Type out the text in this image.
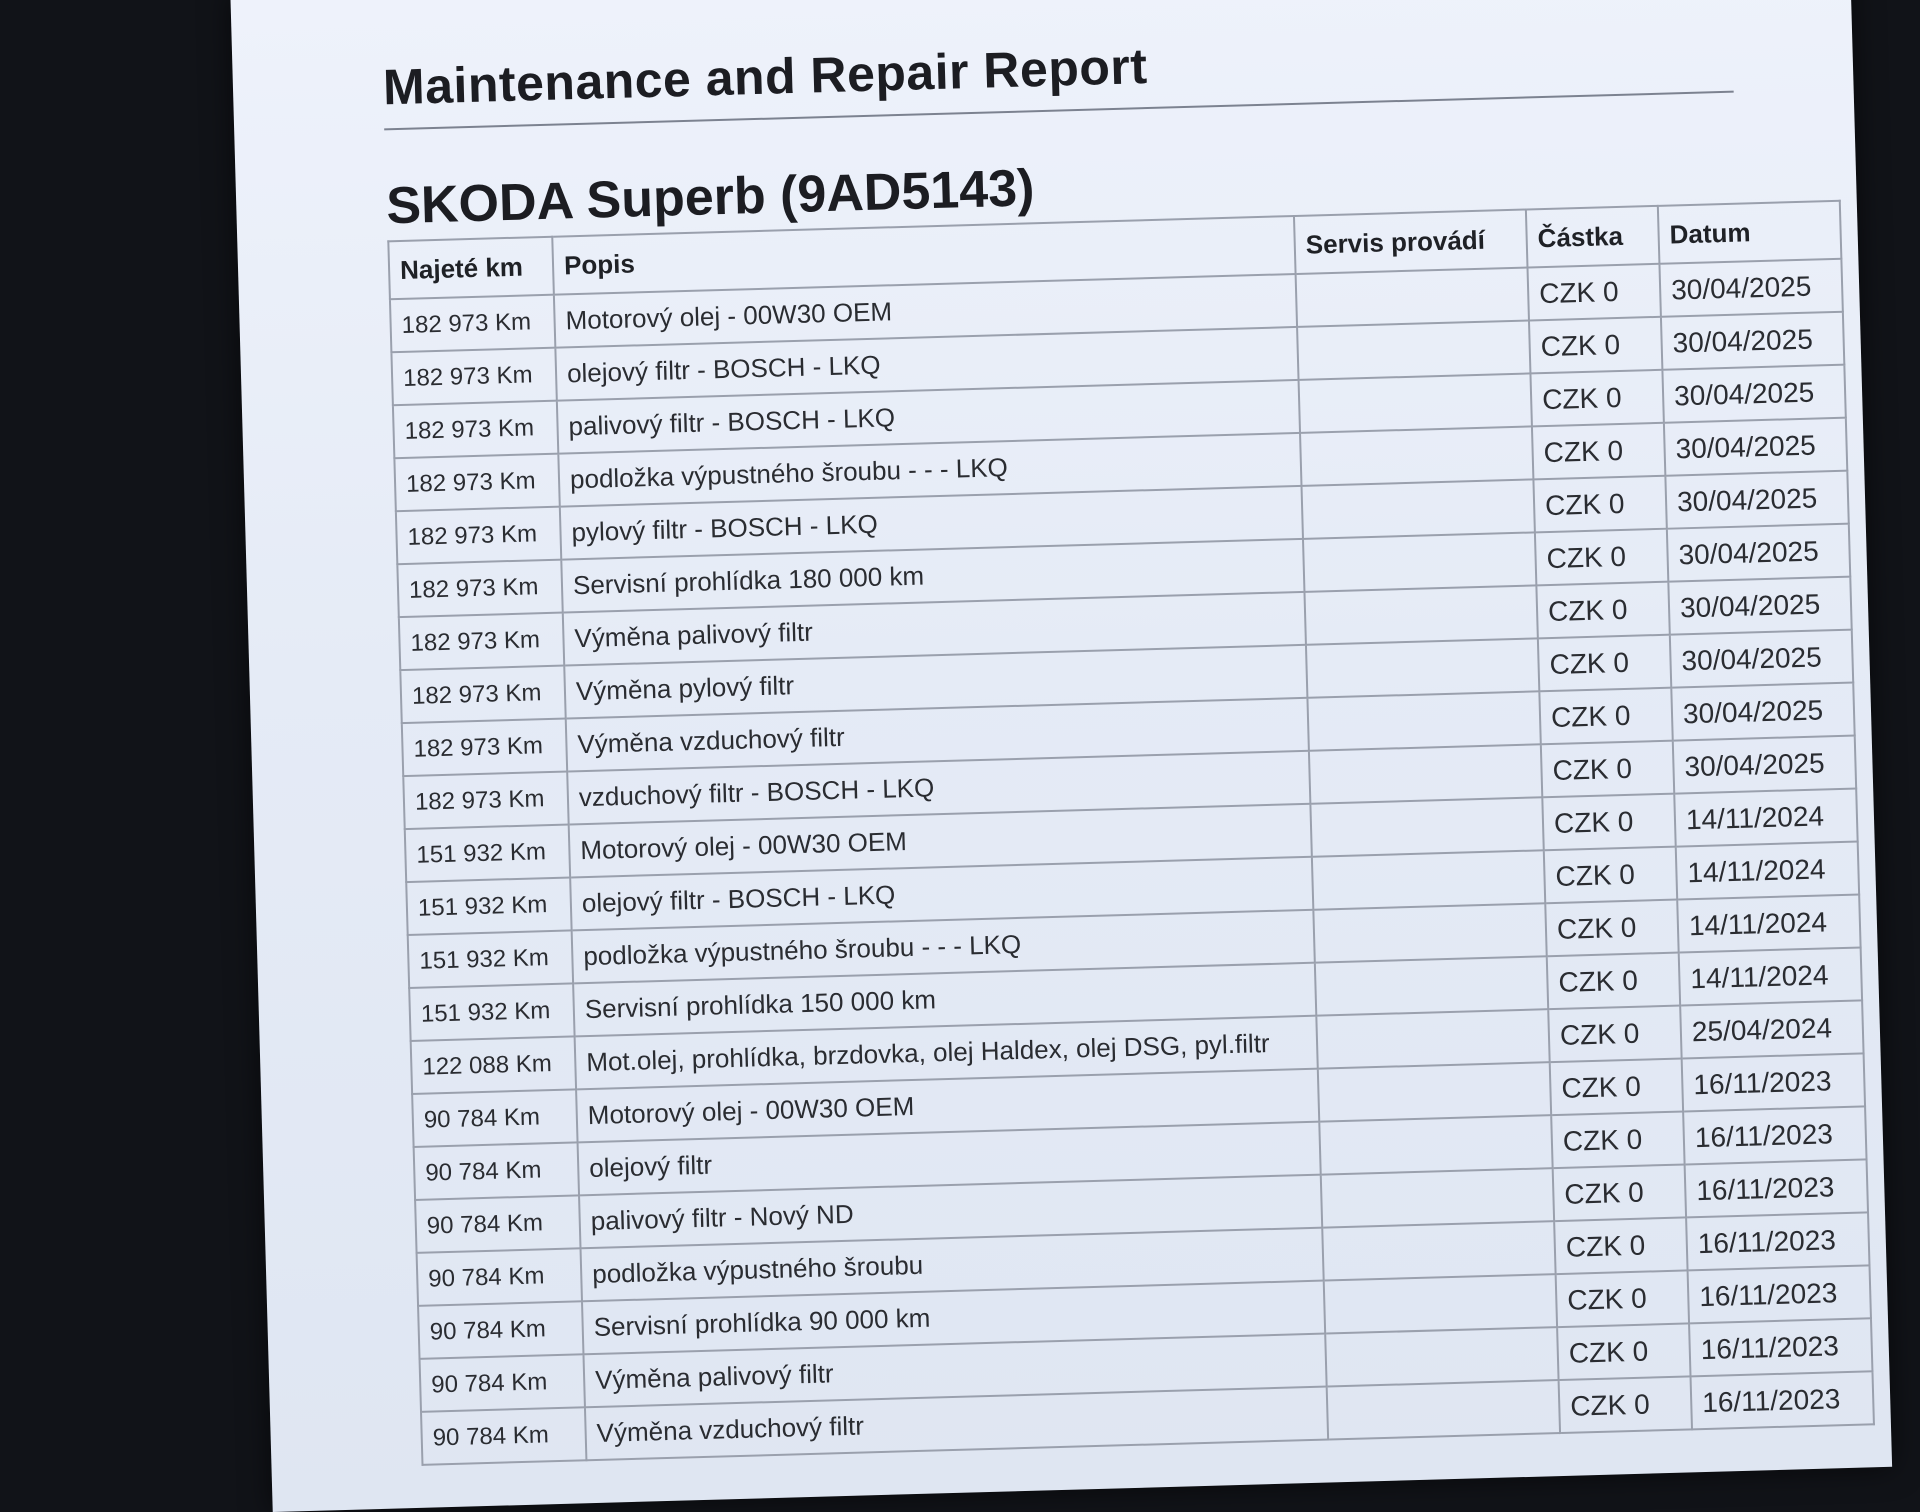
Maintenance and Repair Report
SKODA Superb (9AD5143)
Najeté km	Popis	Servis provádí	Částka	Datum
182 973 Km	Motorový olej - 00W30 OEM		CZK 0	30/04/2025
182 973 Km	olejový filtr - BOSCH - LKQ		CZK 0	30/04/2025
182 973 Km	palivový filtr - BOSCH - LKQ		CZK 0	30/04/2025
182 973 Km	podložka výpustného šroubu - - - LKQ		CZK 0	30/04/2025
182 973 Km	pylový filtr - BOSCH - LKQ		CZK 0	30/04/2025
182 973 Km	Servisní prohlídka 180 000 km		CZK 0	30/04/2025
182 973 Km	Výměna palivový filtr		CZK 0	30/04/2025
182 973 Km	Výměna pylový filtr		CZK 0	30/04/2025
182 973 Km	Výměna vzduchový filtr		CZK 0	30/04/2025
182 973 Km	vzduchový filtr - BOSCH - LKQ		CZK 0	30/04/2025
151 932 Km	Motorový olej - 00W30 OEM		CZK 0	14/11/2024
151 932 Km	olejový filtr - BOSCH - LKQ		CZK 0	14/11/2024
151 932 Km	podložka výpustného šroubu - - - LKQ		CZK 0	14/11/2024
151 932 Km	Servisní prohlídka 150 000 km		CZK 0	14/11/2024
122 088 Km	Mot.olej, prohlídka, brzdovka, olej Haldex, olej DSG, pyl.filtr		CZK 0	25/04/2024
90 784 Km	Motorový olej - 00W30 OEM		CZK 0	16/11/2023
90 784 Km	olejový filtr		CZK 0	16/11/2023
90 784 Km	palivový filtr - Nový ND		CZK 0	16/11/2023
90 784 Km	podložka výpustného šroubu		CZK 0	16/11/2023
90 784 Km	Servisní prohlídka 90 000 km		CZK 0	16/11/2023
90 784 Km	Výměna palivový filtr		CZK 0	16/11/2023
90 784 Km	Výměna vzduchový filtr		CZK 0	16/11/2023
